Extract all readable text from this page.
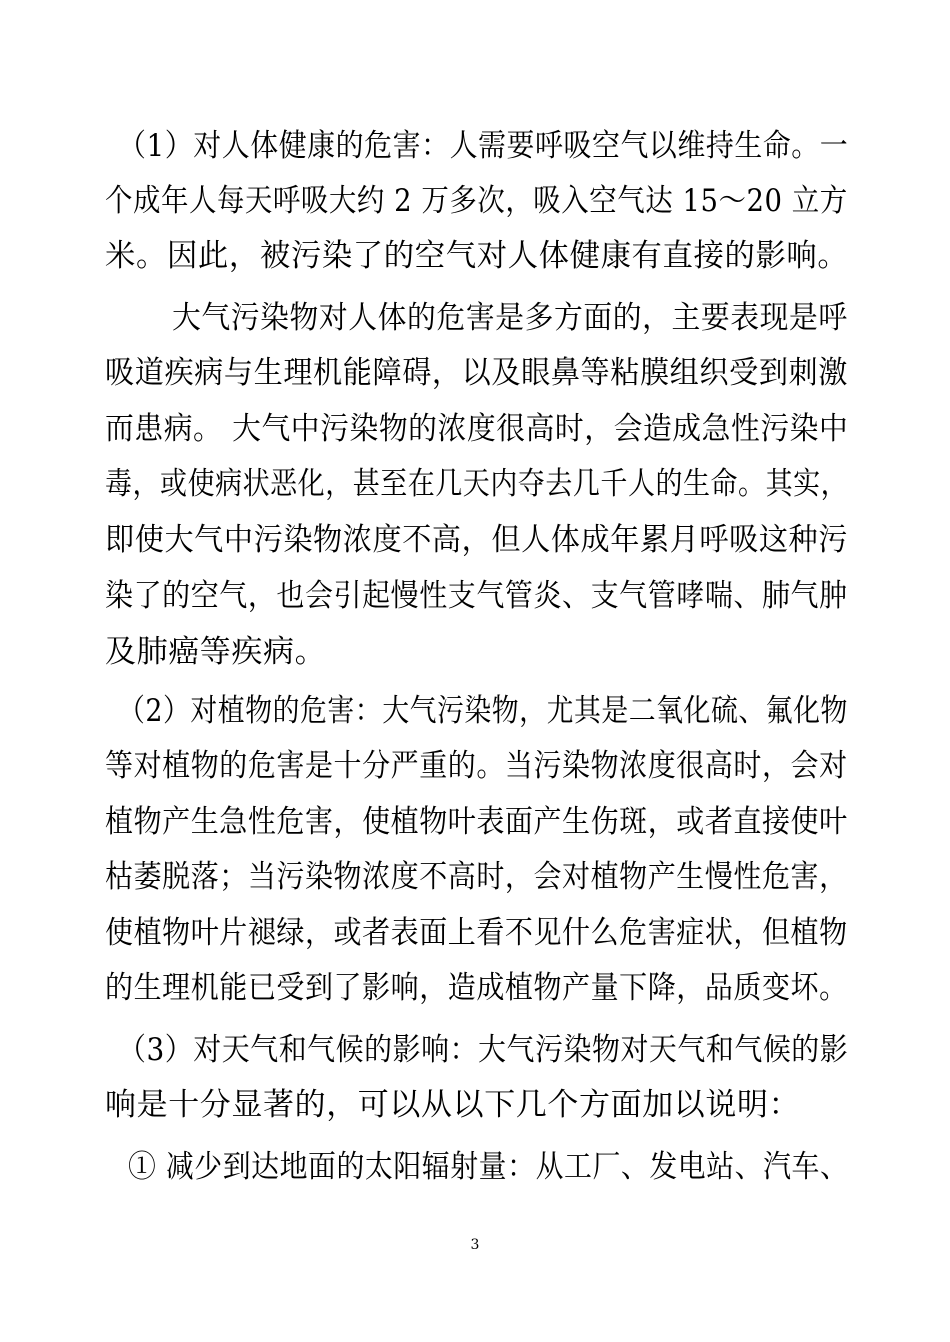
（1）对人体健康的危害：人需要呼吸空气以维持生命。一
个成年人每天呼吸大约 2 万多次，吸入空气达 15～20 立方
米。因此，被污染了的空气对人体健康有直接的影响。
大气污染物对人体的危害是多方面的，主要表现是呼
吸道疾病与生理机能障碍，以及眼鼻等粘膜组织受到刺激
而患病。 大气中污染物的浓度很高时，会造成急性污染中
毒，或使病状恶化，甚至在几天内夺去几千人的生命。其实，
即使大气中污染物浓度不高，但人体成年累月呼吸这种污
染了的空气，也会引起慢性支气管炎、支气管哮喘、肺气肿
及肺癌等疾病。
（2）对植物的危害：大气污染物，尤其是二氧化硫、氟化物
等对植物的危害是十分严重的。当污染物浓度很高时，会对
植物产生急性危害，使植物叶表面产生伤斑，或者直接使叶
枯萎脱落；当污染物浓度不高时，会对植物产生慢性危害，
使植物叶片褪绿，或者表面上看不见什么危害症状，但植物
的生理机能已受到了影响，造成植物产量下降，品质变坏。
（3）对天气和气候的影响：大气污染物对天气和气候的影
响是十分显著的，可以从以下几个方面加以说明：
① 减少到达地面的太阳辐射量：从工厂、发电站、汽车、
3
